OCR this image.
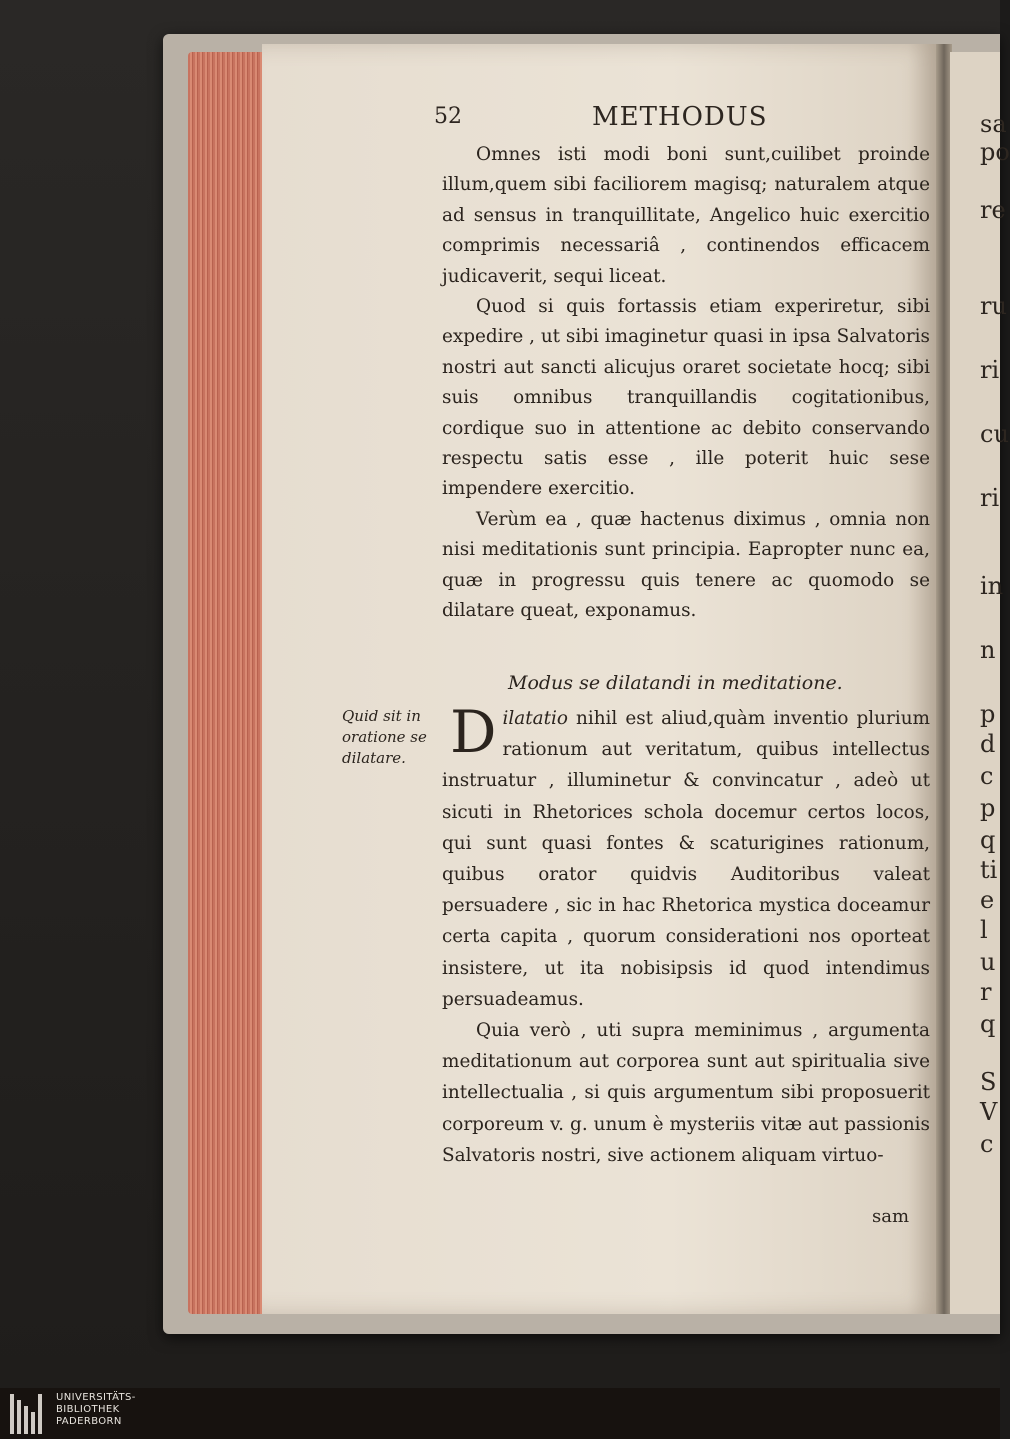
sa
po
re
ru
ri
cu
ri
in
n
p
d
c
p
q
ti
e
l
u
r
q
S
V
c
52	METHODUS

Omnes isti modi boni sunt,cuilibet proinde illum,quem sibi faciliorem magisq; naturalem atque ad sensus in tranquillitate, Angelico huic exercitio comprimis necessariâ , continendos efficacem judicaverit, sequi liceat.

Quod si quis fortassis etiam experiretur, sibi expedire , ut sibi imaginetur quasi in ipsa Salvatoris nostri aut sancti alicujus oraret societate hocq; sibi suis omnibus tranquillandis cogitationibus, cordique suo in attentione ac debito conservando respectu satis esse , ille poterit huic sese impendere exercitio.

Verùm ea , quæ hactenus diximus , omnia non nisi meditationis sunt principia. Eapropter nunc ea, quæ in progressu quis tenere ac quomodo se dilatare queat, exponamus.

Modus se dilatandi in meditatione.
Quid sit in oratione se dilatare. Dilatatio nihil est aliud,quàm inventio plurium rationum aut veritatum, quibus intellectus instruatur , illuminetur & convincatur , adeò ut sicuti in Rhetorices schola docemur certos locos, qui sunt quasi fontes & scaturigines rationum, quibus orator quidvis Auditoribus valeat persuadere , sic in hac Rhetorica mystica doceamur certa capita , quorum considerationi nos oporteat insistere, ut ita nobisipsis id quod intendimus persuadeamus.

Quia verò , uti supra meminimus , argumenta meditationum aut corporea sunt aut spiritualia sive intellectualia , si quis argumentum sibi proposuerit corporeum v. g. unum è mysteriis vitæ aut passionis Salvatoris nostri, sive actionem aliquam virtuo-

sam
UNIVERSITÄTS-
BIBLIOTHEK
PADERBORN
